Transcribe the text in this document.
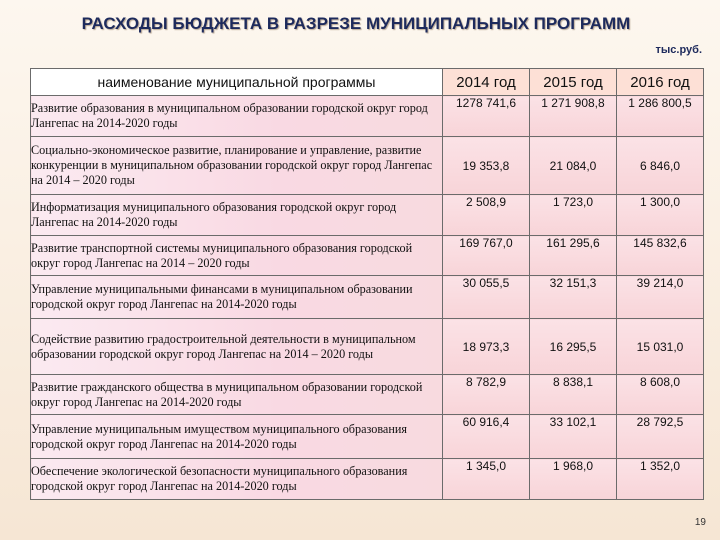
РАСХОДЫ БЮДЖЕТА В РАЗРЕЗЕ МУНИЦИПАЛЬНЫХ ПРОГРАММ
тыс.руб.
наименование муниципальной программы	2014 год	2015 год	2016 год
Развитие образования в муниципальном образовании городской округ город Лангепас на 2014-2020 годы	1278 741,6	1 271 908,8	1 286 800,5
Социально-экономическое развитие, планирование и управление, развитие конкуренции в муниципальном образовании городской округ город Лангепас на 2014 – 2020 годы	19 353,8	21 084,0	6 846,0
Информатизация муниципального образования городской округ город Лангепас на 2014-2020 годы	2 508,9	1 723,0	1 300,0
Развитие транспортной системы муниципального образования городской округ город Лангепас на 2014 – 2020 годы	169 767,0	161 295,6	145 832,6
Управление муниципальными финансами в муниципальном образовании городской округ город Лангепас на 2014-2020 годы	30 055,5	32 151,3	39 214,0
Содействие развитию градостроительной деятельности в муниципальном образовании городской округ город Лангепас на 2014 – 2020 годы	18 973,3	16 295,5	15 031,0
Развитие гражданского общества в муниципальном образовании городской округ город Лангепас на 2014-2020 годы	8 782,9	8 838,1	8 608,0
Управление муниципальным имуществом муниципального образования городской округ город Лангепас на 2014-2020 годы	60 916,4	33 102,1	28 792,5
Обеспечение экологической безопасности муниципального образования городской округ город Лангепас на 2014-2020 годы	1 345,0	1 968,0	1 352,0
19
